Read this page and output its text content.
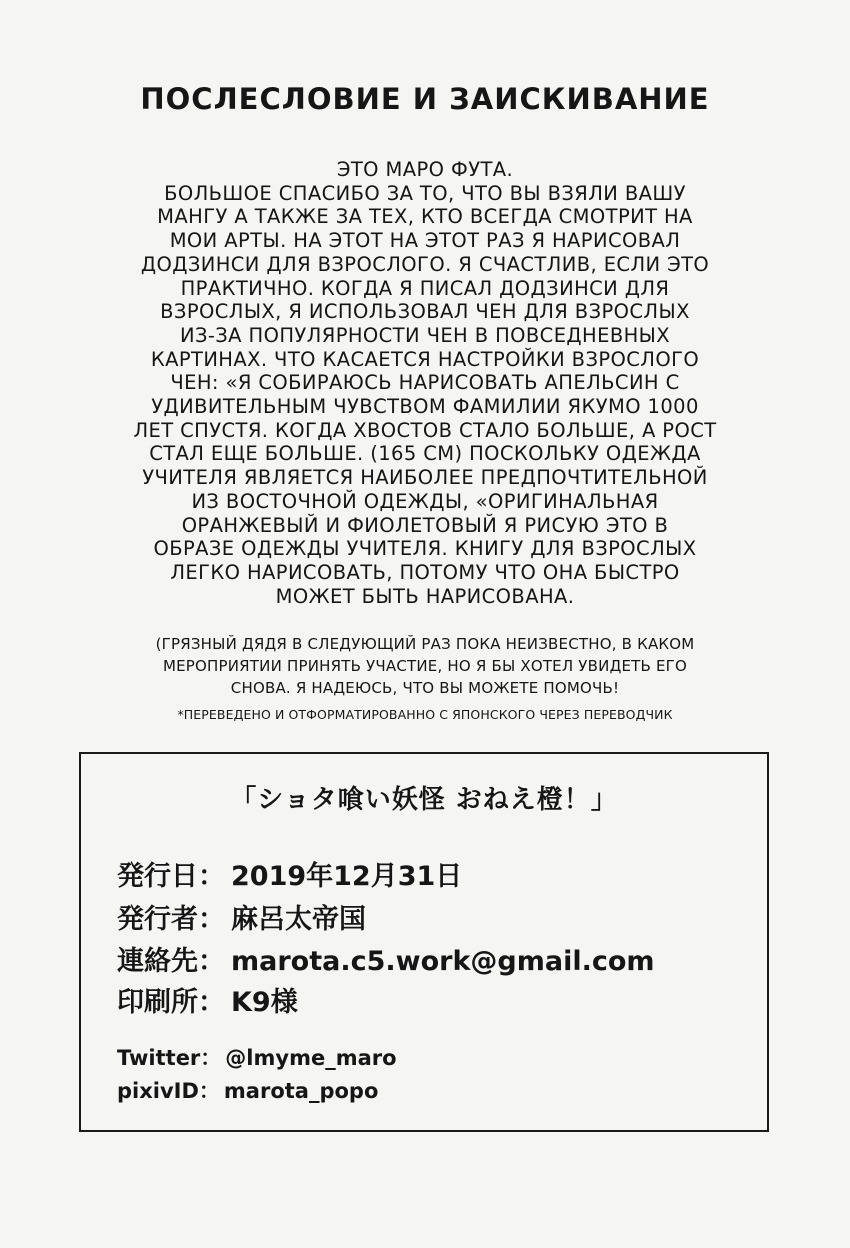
ПОСЛЕСЛОВИЕ И ЗАИСКИВАНИЕ
ЭТО МАРО ФУТА.
БОЛЬШОЕ СПАСИБО ЗА ТО, ЧТО ВЫ ВЗЯЛИ ВАШУ
МАНГУ А ТАКЖЕ ЗА ТЕХ, КТО ВСЕГДА СМОТРИТ НА
МОИ АРТЫ. НА ЭТОТ НА ЭТОТ РАЗ Я НАРИСОВАЛ
ДОДЗИНСИ ДЛЯ ВЗРОСЛОГО. Я СЧАСТЛИВ, ЕСЛИ ЭТО
ПРАКТИЧНО. КОГДА Я ПИСАЛ ДОДЗИНСИ ДЛЯ
ВЗРОСЛЫХ, Я ИСПОЛЬЗОВАЛ ЧЕН ДЛЯ ВЗРОСЛЫХ
ИЗ-ЗА ПОПУЛЯРНОСТИ ЧЕН В ПОВСЕДНЕВНЫХ
КАРТИНАХ. ЧТО КАСАЕТСЯ НАСТРОЙКИ ВЗРОСЛОГО
ЧЕН: «Я СОБИРАЮСЬ НАРИСОВАТЬ АПЕЛЬСИН С
УДИВИТЕЛЬНЫМ ЧУВСТВОМ ФАМИЛИИ ЯКУМО 1000
ЛЕТ СПУСТЯ. КОГДА ХВОСТОВ СТАЛО БОЛЬШЕ, А РОСТ
СТАЛ ЕЩЕ БОЛЬШЕ. (165 СМ) ПОСКОЛЬКУ ОДЕЖДА
УЧИТЕЛЯ ЯВЛЯЕТСЯ НАИБОЛЕЕ ПРЕДПОЧТИТЕЛЬНОЙ
ИЗ ВОСТОЧНОЙ ОДЕЖДЫ, «ОРИГИНАЛЬНАЯ
ОРАНЖЕВЫЙ И ФИОЛЕТОВЫЙ Я РИСУЮ ЭТО В
ОБРАЗЕ ОДЕЖДЫ УЧИТЕЛЯ. КНИГУ ДЛЯ ВЗРОСЛЫХ
ЛЕГКО НАРИСОВАТЬ, ПОТОМУ ЧТО ОНА БЫСТРО
МОЖЕТ БЫТЬ НАРИСОВАНА.
(ГРЯЗНЫЙ ДЯДЯ В СЛЕДУЮЩИЙ РАЗ ПОКА НЕИЗВЕСТНО, В КАКОМ
МЕРОПРИЯТИИ ПРИНЯТЬ УЧАСТИЕ, НО Я БЫ ХОТЕЛ УВИДЕТЬ ЕГО
СНОВА. Я НАДЕЮСЬ, ЧТО ВЫ МОЖЕТЕ ПОМОЧЬ!
*ПЕРЕВЕДЕНО И ОТФОРМАТИРОВАННО С ЯПОНСКОГО ЧЕРЕЗ ПЕРЕВОДЧИК
「ショタ喰い妖怪 おねえ橙！」
発行日： 2019年12月31日
発行者： 麻呂太帝国
連絡先： marota.c5.work@gmail.com
印刷所： K9様
Twitter： @lmyme_maro
pixivID： marota_popo
